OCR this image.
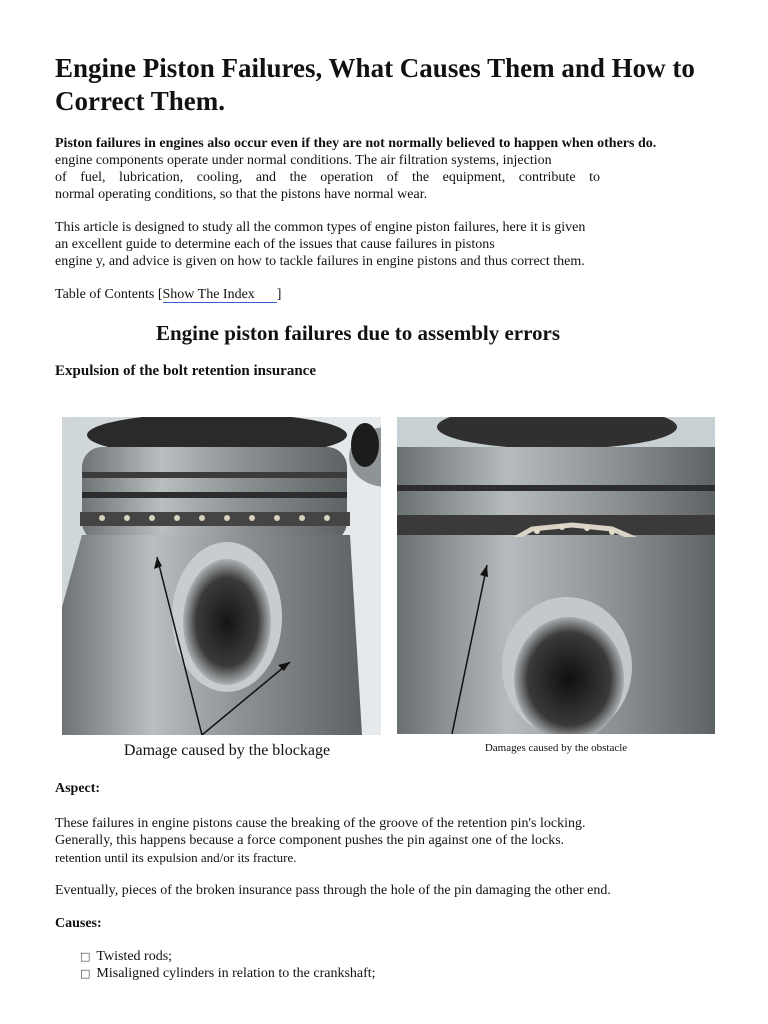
Engine Piston Failures, What Causes Them and How to Correct Them.
Piston failures in engines also occur even if they are not normally believed to happen when others do.
engine components operate under normal conditions. The air filtration systems, injection
of fuel, lubrication, cooling, and the operation of the equipment, contribute to
normal operating conditions, so that the pistons have normal wear.
This article is designed to study all the common types of engine piston failures, here it is given
an excellent guide to determine each of the issues that cause failures in pistons
engine y, and advice is given on how to tackle failures in engine pistons and thus correct them.
Table of Contents [Show The Index ]
Engine piston failures due to assembly errors
Expulsion of the bolt retention insurance
Damage caused by the blockage	Damages caused by the obstacle
Aspect:
These failures in engine pistons cause the breaking of the groove of the retention pin's locking.
Generally, this happens because a force component pushes the pin against one of the locks.
retention until its expulsion and/or its fracture.
Eventually, pieces of the broken insurance pass through the hole of the pin damaging the other end.
Causes:
□ Twisted rods;
□ Misaligned cylinders in relation to the crankshaft;
